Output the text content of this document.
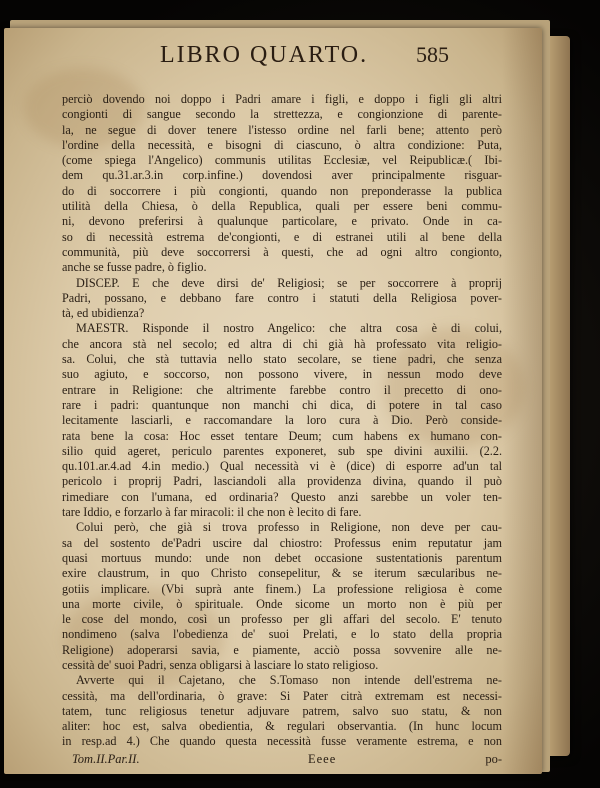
LIBRO QUARTO. 585
perciò dovendo noi doppo i Padri amare i figli, e doppo i figli gli altri
congionti di sangue secondo la strettezza, e congionzione di parente-
la, ne segue di dover tenere l'istesso ordine nel farli bene; attento però
l'ordine della necessità, e bisogni di ciascuno, ò altra condizione: Puta,
(come spiega l'Angelico) communis utilitas Ecclesiæ, vel Reipublicæ.( Ibi-
dem qu.31.ar.3.in corp.infine.) dovendosi aver principalmente risguar-
do di soccorrere i più congionti, quando non preponderasse la publica
utilità della Chiesa, ò della Republica, quali per essere beni commu-
ni, devono preferirsi à qualunque particolare, e privato. Onde in ca-
so di necessità estrema de'congionti, e di estranei utili al bene della
communità, più deve soccorrersi à questi, che ad ogni altro congionto,
anche se fusse padre, ò figlio.
DISCEP. E che deve dirsi de' Religiosi; se per soccorrere à proprij
Padri, possano, e debbano fare contro i statuti della Religiosa pover-
tà, ed ubidienza?
MAESTR. Risponde il nostro Angelico: che altra cosa è di colui,
che ancora stà nel secolo; ed altra di chi già hà professato vita religio-
sa. Colui, che stà tuttavia nello stato secolare, se tiene padri, che senza
suo agiuto, e soccorso, non possono vivere, in nessun modo deve
entrare in Religione: che altrimente farebbe contro il precetto di ono-
rare i padri: quantunque non manchi chi dica, di potere in tal caso
lecitamente lasciarli, e raccomandare la loro cura à Dio. Però conside-
rata bene la cosa: Hoc esset tentare Deum; cum habens ex humano con-
silio quid ageret, periculo parentes exponeret, sub spe divini auxilii. (2.2.
qu.101.ar.4.ad 4.in medio.) Qual necessità vi è (dice) di esporre ad'un tal
pericolo i proprij Padri, lasciandoli alla providenza divina, quando il può
rimediare con l'umana, ed ordinaria? Questo anzi sarebbe un voler ten-
tare Iddio, e forzarlo à far miracoli: il che non è lecito di fare.
Colui però, che già si trova professo in Religione, non deve per cau-
sa del sostento de'Padri uscire dal chiostro: Professus enim reputatur jam
quasi mortuus mundo: unde non debet occasione sustentationis parentum
exire claustrum, in quo Christo consepelitur, & se iterum sæcularibus ne-
gotiis implicare. (Vbi suprà ante finem.) La professione religiosa è come
una morte civile, ò spirituale. Onde sicome un morto non è più per
le cose del mondo, così un professo per gli affari del secolo. E' tenuto
nondimeno (salva l'obedienza de' suoi Prelati, e lo stato della propria
Religione) adoperarsi savia, e piamente, acciò possa sovvenire alle ne-
cessità de' suoi Padri, senza obligarsi à lasciare lo stato religioso.
Avverte qui il Cajetano, che S.Tomaso non intende dell'estrema ne-
cessità, ma dell'ordinaria, ò grave: Si Pater citrà extremam est necessi-
tatem, tunc religiosus tenetur adjuvare patrem, salvo suo statu, & non
aliter: hoc est, salva obedientia, & regulari observantia. (In hunc locum
in resp.ad 4.) Che quando questa necessità fusse veramente estrema, e non
Tom.II.Par.II.	Eeee	po-
